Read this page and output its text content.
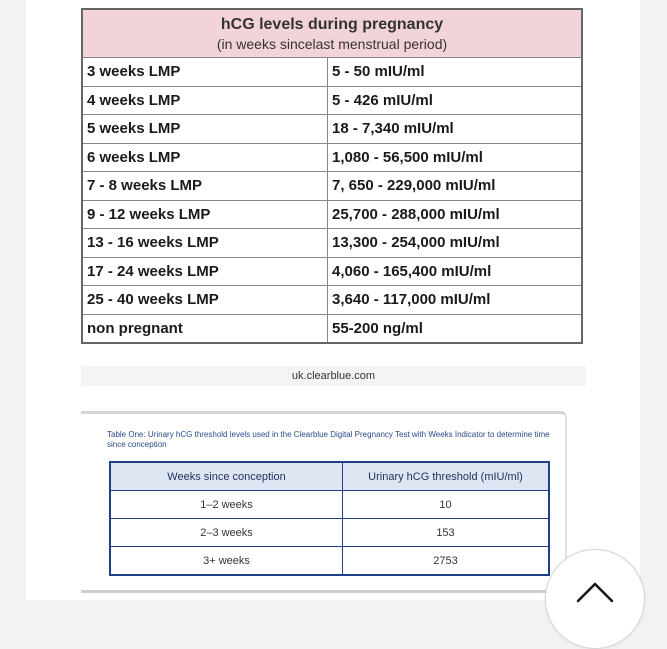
hCG levels during pregnancy
(in weeks sincelast menstrual period)	

3 weeks LMP	5 - 50 mIU/ml
4 weeks LMP	5 - 426 mIU/ml
5 weeks LMP	18 - 7,340 mIU/ml
6 weeks LMP	1,080 - 56,500 mIU/ml
7 - 8 weeks LMP	7, 650 - 229,000 mIU/ml
9 - 12 weeks LMP	25,700 - 288,000 mIU/ml
13 - 16 weeks LMP	13,300 - 254,000 mIU/ml
17 - 24 weeks LMP	4,060 - 165,400 mIU/ml
25 - 40 weeks LMP	3,640 - 117,000 mIU/ml
non pregnant	55-200 ng/ml
uk.clearblue.com
Table One: Urinary hCG threshold levels used in the Clearblue Digital Pregnancy Test with Weeks Indicator to determine time since conception
Weeks since conception	Urinary hCG threshold (mIU/ml)
1–2 weeks	10
2–3 weeks	153
3+ weeks	2753
